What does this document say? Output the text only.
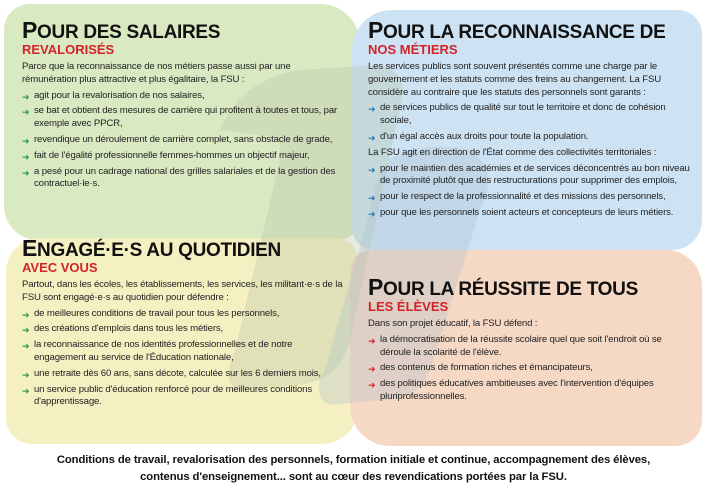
POUR DES SALAIRES
REVALORISÉS

Parce que la reconnaissance de nos métiers passe aussi par une rémunération plus attractive et plus égalitaire, la FSU :

➜ agit pour la revalorisation de nos salaires,
➜ se bat et obtient des mesures de carrière qui profitent à toutes et tous, par exemple avec PPCR,
➜ revendique un déroulement de carrière complet, sans obstacle de grade,
➜ fait de l'égalité professionnelle femmes-hommes un objectif majeur,
➜ a pesé pour un cadrage national des grilles salariales et de la gestion des contractuel·le·s.
POUR LA RECONNAISSANCE DE
NOS MÉTIERS

Les services publics sont souvent présentés comme une charge par le gouvernement et les statuts comme des freins au changement. La FSU considère au contraire que les statuts des personnels sont garants :

➜ de services publics de qualité sur tout le territoire et donc de cohésion sociale,
➜ d'un égal accès aux droits pour toute la population.

La FSU agit en direction de l'État comme des collectivités territoriales :

➜ pour le maintien des académies et de services déconcentrés au bon niveau de proximité plutôt que des restructurations pour supprimer des emplois,
➜ pour le respect de la professionnalité et des missions des personnels,
➜ pour que les personnels soient acteurs et concepteurs de leurs métiers.
ENGAGÉ·E·S AU QUOTIDIEN
AVEC VOUS

Partout, dans les écoles, les établissements, les services, les militant·e·s de la FSU sont engagé·e·s au quotidien pour défendre :

➜ de meilleures conditions de travail pour tous les personnels,
➜ des créations d'emplois dans tous les métiers,
➜ la reconnaissance de nos identités professionnelles et de notre engagement au service de l'Éducation nationale,
➜ une retraite dès 60 ans, sans décote, calculée sur les 6 derniers mois,
➜ un service public d'éducation renforcé pour de meilleures conditions d'apprentissage.
POUR LA RÉUSSITE DE TOUS
LES ÉLÈVES

Dans son projet éducatif, la FSU défend :

➜ la démocratisation de la réussite scolaire quel que soit l'endroit où se déroule la scolarité de l'élève.
➜ des contenus de formation riches et émancipateurs,
➜ des politiques éducatives ambitieuses avec l'intervention d'équipes pluriprofessionnelles.
Conditions de travail, revalorisation des personnels, formation initiale et continue, accompagnement des élèves,
contenus d'enseignement... sont au cœur des revendications portées par la FSU.
